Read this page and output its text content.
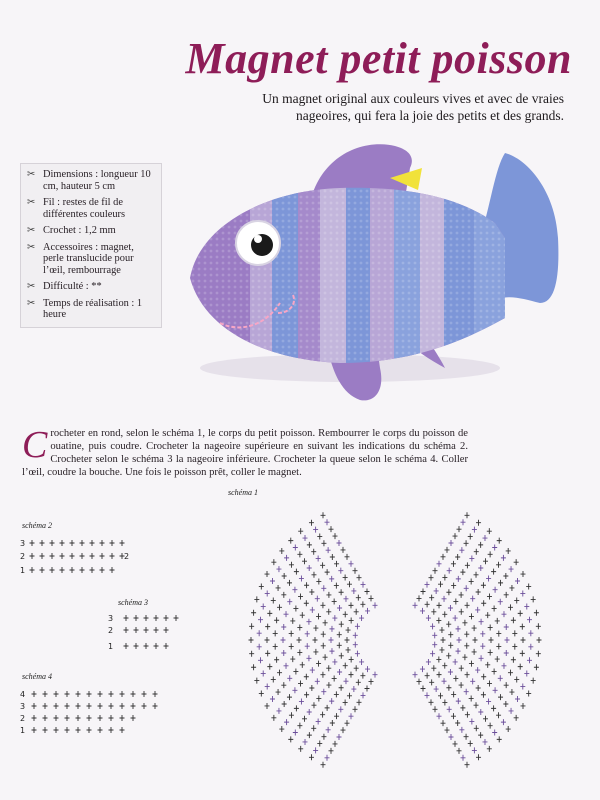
Magnet petit poisson

Un magnet original aux couleurs vives et avec de vraies nageoires, qui fera la joie des petits et des grands.

✂ Dimensions : longueur 10 cm, hauteur 5 cm
✂ Fil : restes de fil de différentes couleurs
✂ Crochet : 1,2 mm
✂ Accessoires : magnet, perle translucide pour l’œil, rembourrage
✂ Difficulté : **
✂ Temps de réalisation : 1 heure

Crocheter en rond, selon le schéma 1, le corps du petit poisson. Rembourrer le corps du poisson de ouatine, puis coudre. Crocheter la nageoire supérieure en suivant les indications du schéma 2. Crocheter selon le schéma 3 la nageoire inférieure. Crocheter la queue selon le schéma 4. Coller l’œil, coudre la bouche. Une fois le poisson prêt, coller le magnet.

schéma 1
schéma 2
3
2
1
2
schéma 3
3
2
1
schéma 4
4
3
2
1
